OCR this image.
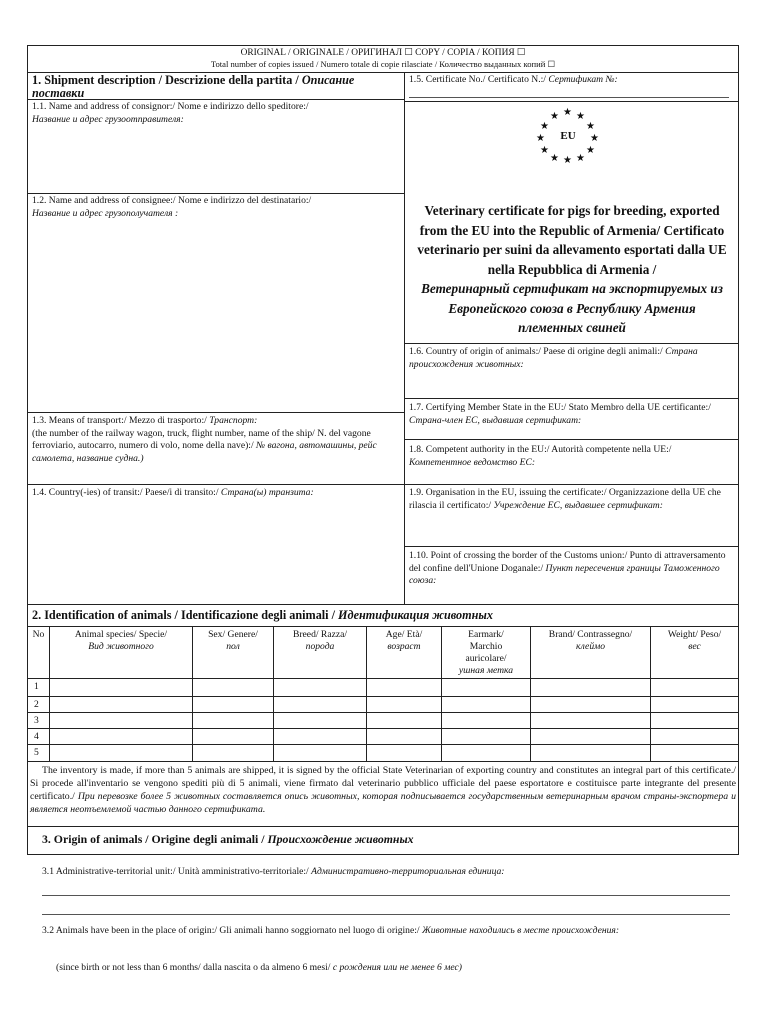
ORIGINAL / ORIGINALE / ОРИГИНАЛ ☐ COPY / COPIA / КОПИЯ ☐
Total number of copies issued / Numero totale di copie rilasciate / Количество выданных копий ☐
1. Shipment description / Descrizione della partita / Описание поставки
1.1. Name and address of consignor:/ Nome e indirizzo dello speditore:/
Название и адрес грузоотправителя:
1.2. Name and address of consignee:/ Nome e indirizzo del destinatario:/
Название и адрес грузополучателя :
1.3. Means of transport:/ Mezzo di trasporto:/ Транспорт:
(the number of the railway wagon, truck, flight number, name of the ship/ N. del vagone ferroviario, autocarro, numero di volo, nome della nave):/ № вагона, автомашины, рейс самолета, название судна.)
1.4. Country(-ies) of transit:/ Paese/i di transito:/ Страна(ы) транзита:
1.5. Certificate No./ Certificato N.:/ Сертификат №:
★ ★
★
★
★
★
★
★
★
★
★ ★
EU
Veterinary certificate for pigs for breeding, exported from the EU into the Republic of Armenia/ Certificato veterinario per suini da allevamento esportati dalla UE nella Repubblica di Armenia /
Ветеринарный сертификат на экспортируемых из Европейского союза в Республику Армения племенных свиней
1.6. Country of origin of animals:/ Paese di origine degli animali:/ Страна происхождения животных:
1.7. Certifying Member State in the EU:/ Stato Membro della UE certificante:/ Страна-член ЕС, выдавшая сертификат:
1.8. Competent authority in the EU:/ Autorità competente nella UE:/ Компетентное ведомство ЕС:
1.9. Organisation in the EU, issuing the certificate:/ Organizzazione della UE che rilascia il certificato:/ Учреждение ЕС, выдавшее сертификат:
1.10. Point of crossing the border of the Customs union:/ Punto di attraversamento del confine dell'Unione Doganale:/ Пункт пересечения границы Таможенного союза:
2. Identification of animals / Identificazione degli animali / Идентификация животных
No	Animal species/ Specie/
Вид животного
Sex/ Genere/
пол
Breed/ Razza/
порода
Age/ Età/
возраст
Earmark/ Marchio auricolare/
ушная метка
Brand/ Contrassegno/
клеймо
Weight/ Peso/
вес
1
2
3
4
5
The inventory is made, if more than 5 animals are shipped, it is signed by the official State Veterinarian of exporting country and constitutes an integral part of this certificate./ Si procede all'inventario se vengono spediti più di 5 animali, viene firmato dal veterinario pubblico ufficiale del paese esportatore e costituisce parte integrante del presente certificato./ При перевозке более 5 животных составляется опись животных, которая подписывается государственным ветеринарным врачом страны-экспортера и является неотъемлемой частью данного сертификата.
3. Origin of animals / Origine degli animali / Происхождение животных
3.1 Administrative-territorial unit:/ Unità amministrativo-territoriale:/ Административно-территориальная единица:
3.2 Animals have been in the place of origin:/ Gli animali hanno soggiornato nel luogo di origine:/ Животные находились в месте происхождения:
(since birth or not less than 6 months/ dalla nascita o da almeno 6 mesi/ с рождения или не менее 6 мес)
